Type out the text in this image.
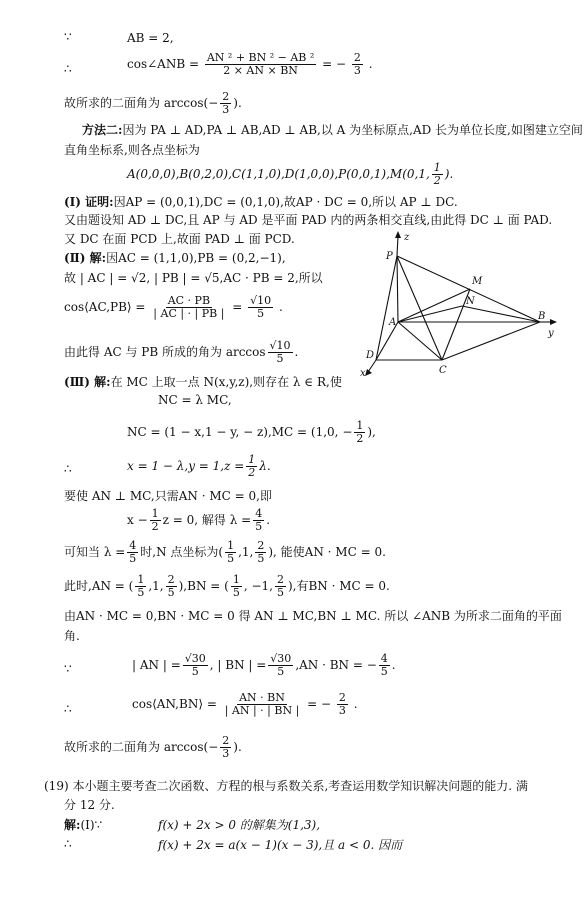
∵	AB = 2,
∴	cos∠ANB = $\frac{\text{AN ² + BN ² − AB ²}}{2 \times AN \times BN}$ = − $\frac{2}{3}$ .
故所求的二面角为 $\arccos(- \frac{2}{3}$ ).
方法二:因为 PA ⊥ AD,PA ⊥ AB,AD ⊥ AB,以 A 为坐标原点,AD 长为单位长度,如图建立空间
直角坐标系,则各点坐标为
A(0,0,0),B(0,2,0),C(1,1,0),D(1,0,0),P(0,0,1),M(0,1, $\frac{1}{2}$ ).
(Ⅰ) 证明:因AP = (0,0,1),DC = (0,1,0),故AP · DC = 0,所以 AP ⊥ DC.
又由题设知 AD ⊥ DC,且 AP 与 AD 是平面 PAD 内的两条相交直线,由此得 DC ⊥ 面 PAD.
又 DC 在面 PCD 上,故面 PAD ⊥ 面 PCD.
(Ⅱ) 解:因AC = (1,1,0),PB = (0,2,−1),
故 | AC | = √2, | PB | = √5,AC · PB = 2,所以
cos⟨AC,PB⟩ = $\frac{AC \cdot PB}{| AC | \cdot | PB |} = \frac{√10}{5}$ .
由此得 AC 与 PB 所成的角为 $\arccos \frac{√10}{5}$ .
(Ⅲ) 解:在 MC 上取一点 N(x,y,z),则存在 λ ∈ R,使
NC = λ MC,
NC = (1 − x,1 − y, − z),MC = (1,0, − $\frac{1}{2}$ ),
∴	$x = 1 - \lambda,y = 1,z = \frac{1}{2} \lambda$.
要使 AN ⊥ MC,只需AN · MC = 0,即
$x - \frac{1}{2}$ z = 0, 解得 $\lambda = \frac{4}{5}$ .
可知当 $\lambda = \frac{4}{5}$ 时,N 点坐标为( $\frac{1}{5} ,1$, $\frac{2}{5}$ ), 能使AN · MC = 0.
此时,AN = ( $\frac{1}{5} ,1$, $\frac{2}{5} ),BN$ = ( $\frac{1}{5}$ , −1, $\frac{2}{5}$ ),有BN · MC = 0.
由AN · MC = 0,BN · MC = 0 得 AN ⊥ MC,BN ⊥ MC. 所以 ∠ANB 为所求二面角的平面
角.
∵	| AN | = $\frac{√30}{5}$ , | BN | = $\frac{√30}{5} ,AN$ · BN = − $\frac{4}{5}$ .
∴	cos⟨AN,BN⟩ = $\frac{AN \cdot BN}{| AN | \cdot | BN |}$ = − $\frac{2}{3}$ .
故所求的二面角为 $\arccos(- \frac{2}{3}$ ).
(19) 本小题主要考查二次函数、方程的根与系数关系,考查运用数学知识解决问题的能力. 满
分 12 分.
解:(Ⅰ)∵	f(x) + 2x > 0 的解集为(1,3),
∴	f(x) + 2x = a(x − 1)(x − 3),且 a < 0. 因而
P
z
M
N
A
B
y
D
C
x
